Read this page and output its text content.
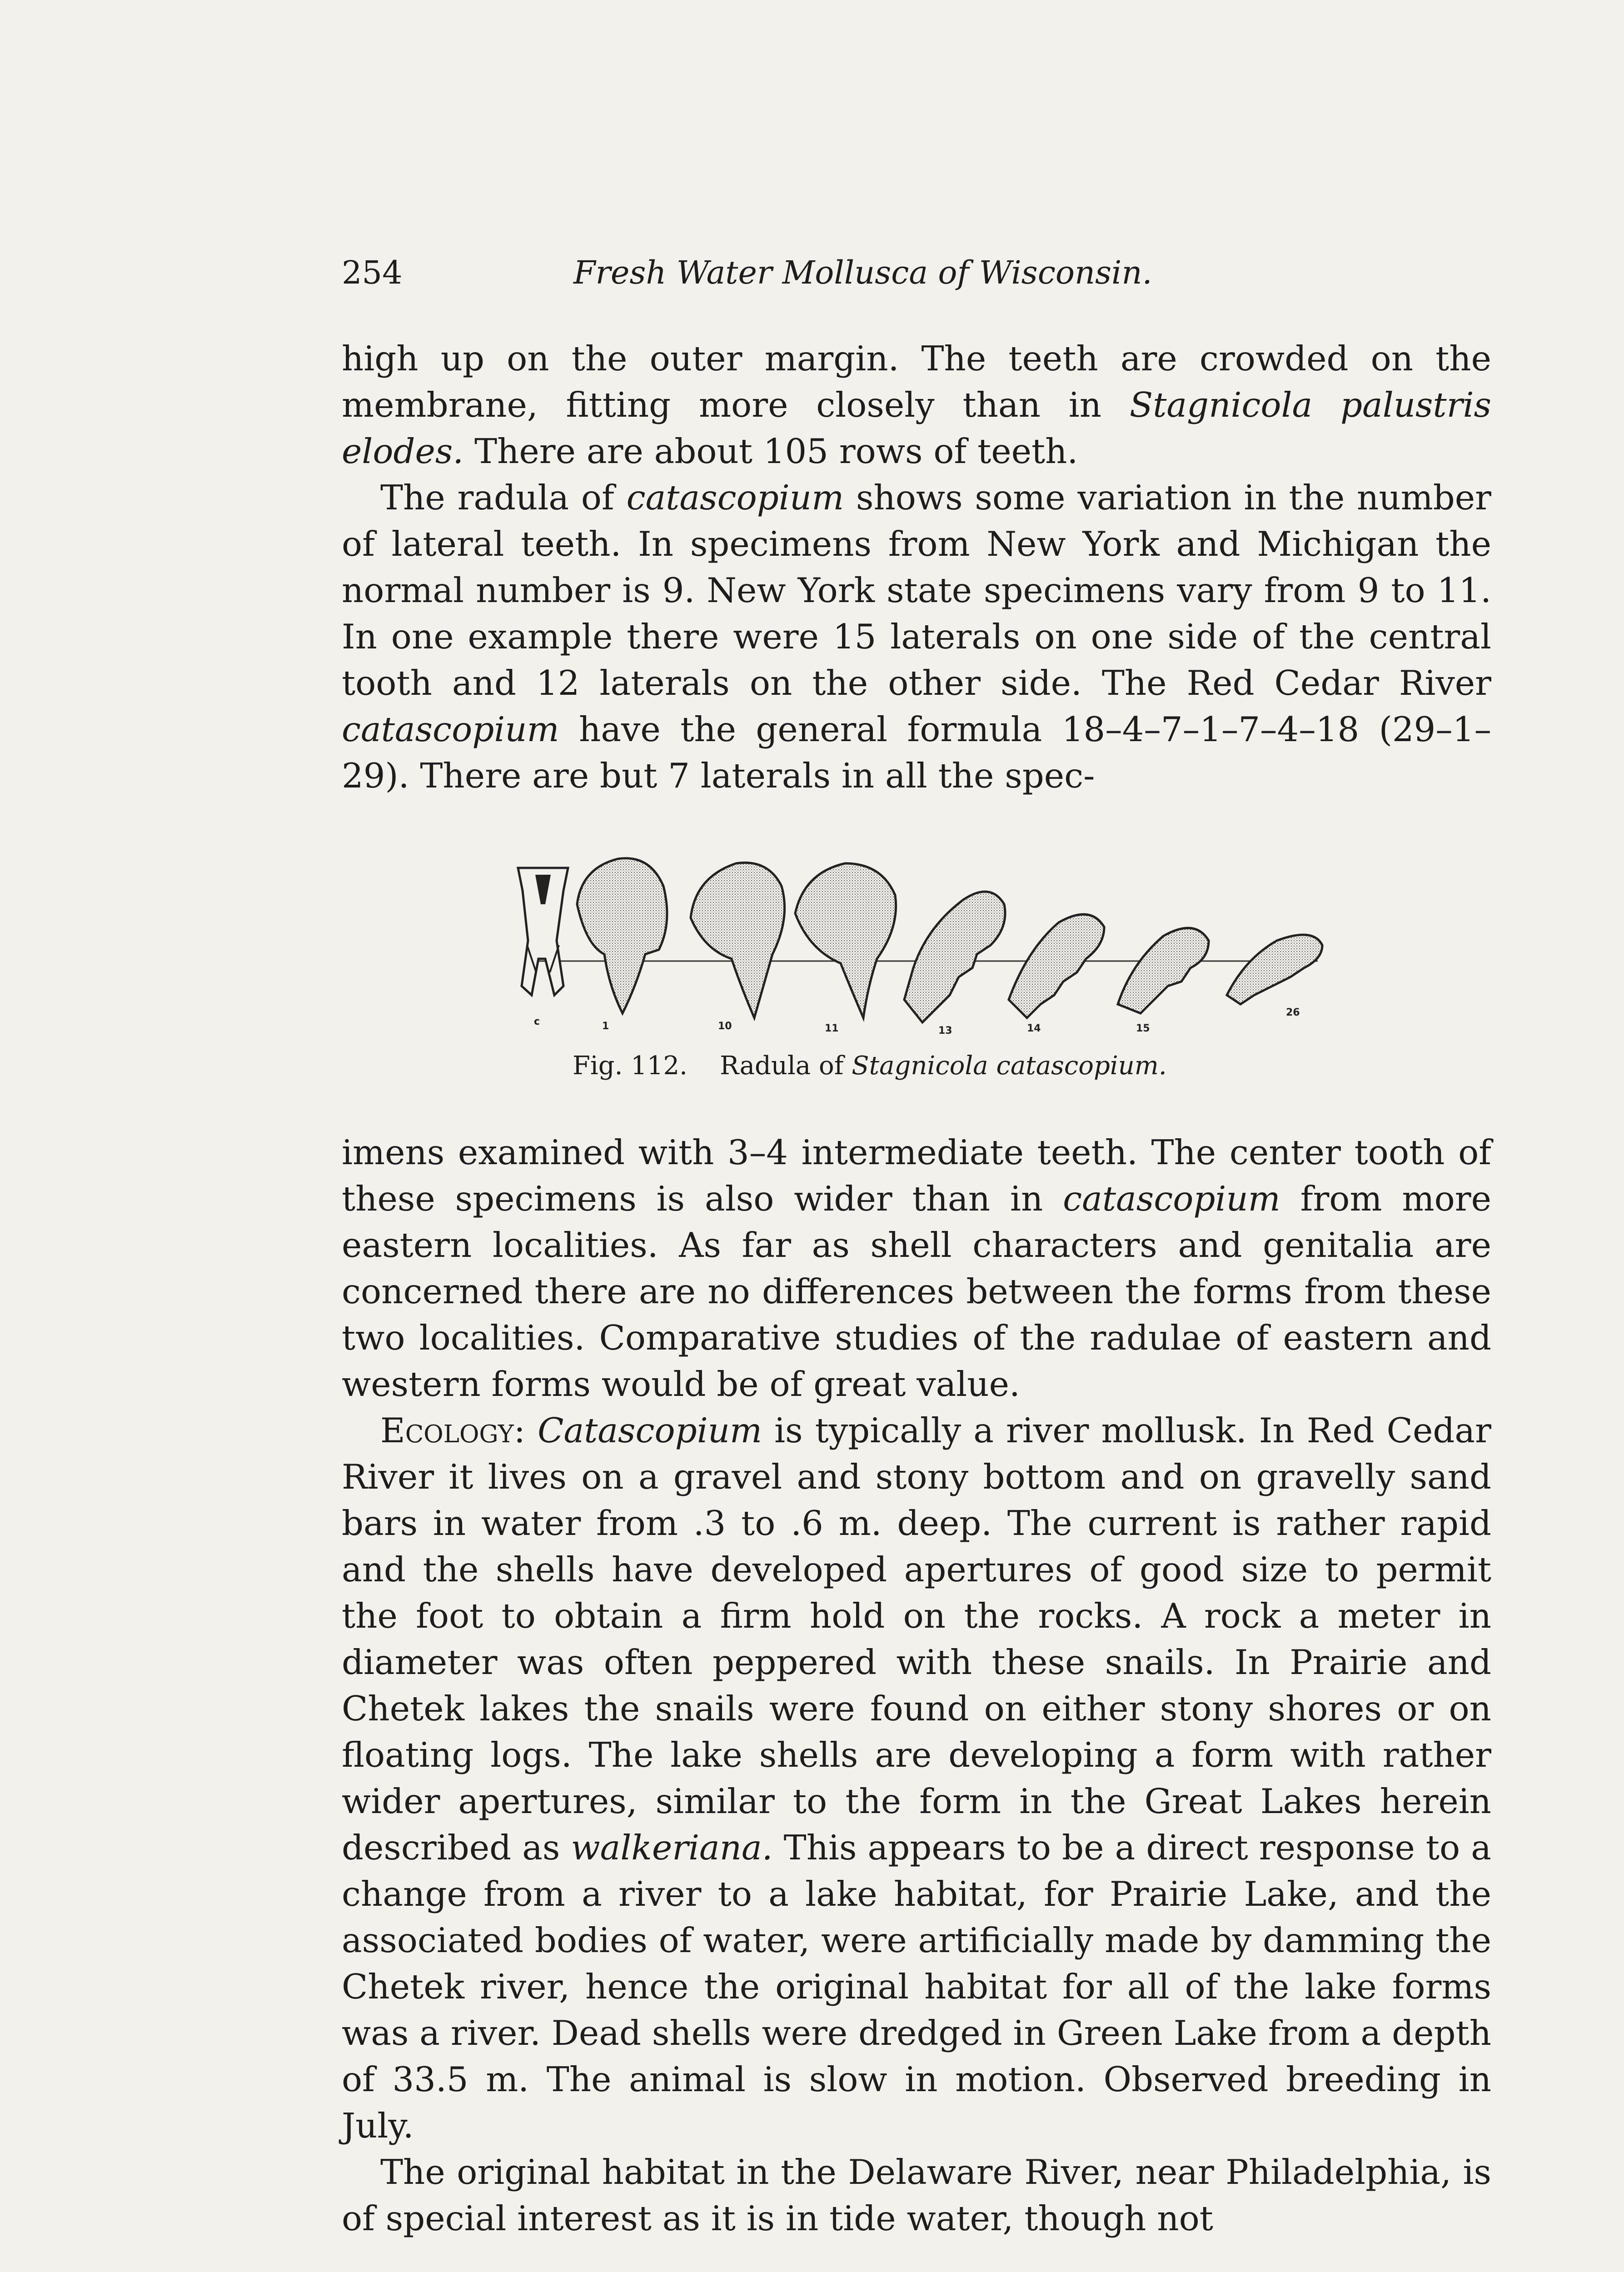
254	Fresh Water Mollusca of Wisconsin.

high up on the outer margin. The teeth are crowded on the membrane, fitting more closely than in Stagnicola palustris elodes. There are about 105 rows of teeth.

The radula of catascopium shows some variation in the number of lateral teeth. In specimens from New York and Michigan the normal number is 9. New York state specimens vary from 9 to 11. In one example there were 15 laterals on one side of the central tooth and 12 laterals on the other side. The Red Cedar River catascopium have the general formula 18–4–7–1–7–4–18 (29–1–29). There are but 7 laterals in all the spec-

c	1	10	11	13	14	15
26
Fig. 112. Radula of Stagnicola catascopium.

imens examined with 3–4 intermediate teeth. The center tooth of these specimens is also wider than in catascopium from more eastern localities. As far as shell characters and genitalia are concerned there are no differences between the forms from these two localities. Comparative studies of the radulae of eastern and western forms would be of great value.

Ecology: Catascopium is typically a river mollusk. In Red Cedar River it lives on a gravel and stony bottom and on gravelly sand bars in water from .3 to .6 m. deep. The current is rather rapid and the shells have developed apertures of good size to permit the foot to obtain a firm hold on the rocks. A rock a meter in diameter was often peppered with these snails. In Prairie and Chetek lakes the snails were found on either stony shores or on floating logs. The lake shells are developing a form with rather wider apertures, similar to the form in the Great Lakes herein described as walkeriana. This appears to be a direct response to a change from a river to a lake habitat, for Prairie Lake, and the associated bodies of water, were artificially made by damming the Chetek river, hence the original habitat for all of the lake forms was a river. Dead shells were dredged in Green Lake from a depth of 33.5 m. The animal is slow in motion. Observed breeding in July.

The original habitat in the Delaware River, near Philadelphia, is of special interest as it is in tide water, though not
